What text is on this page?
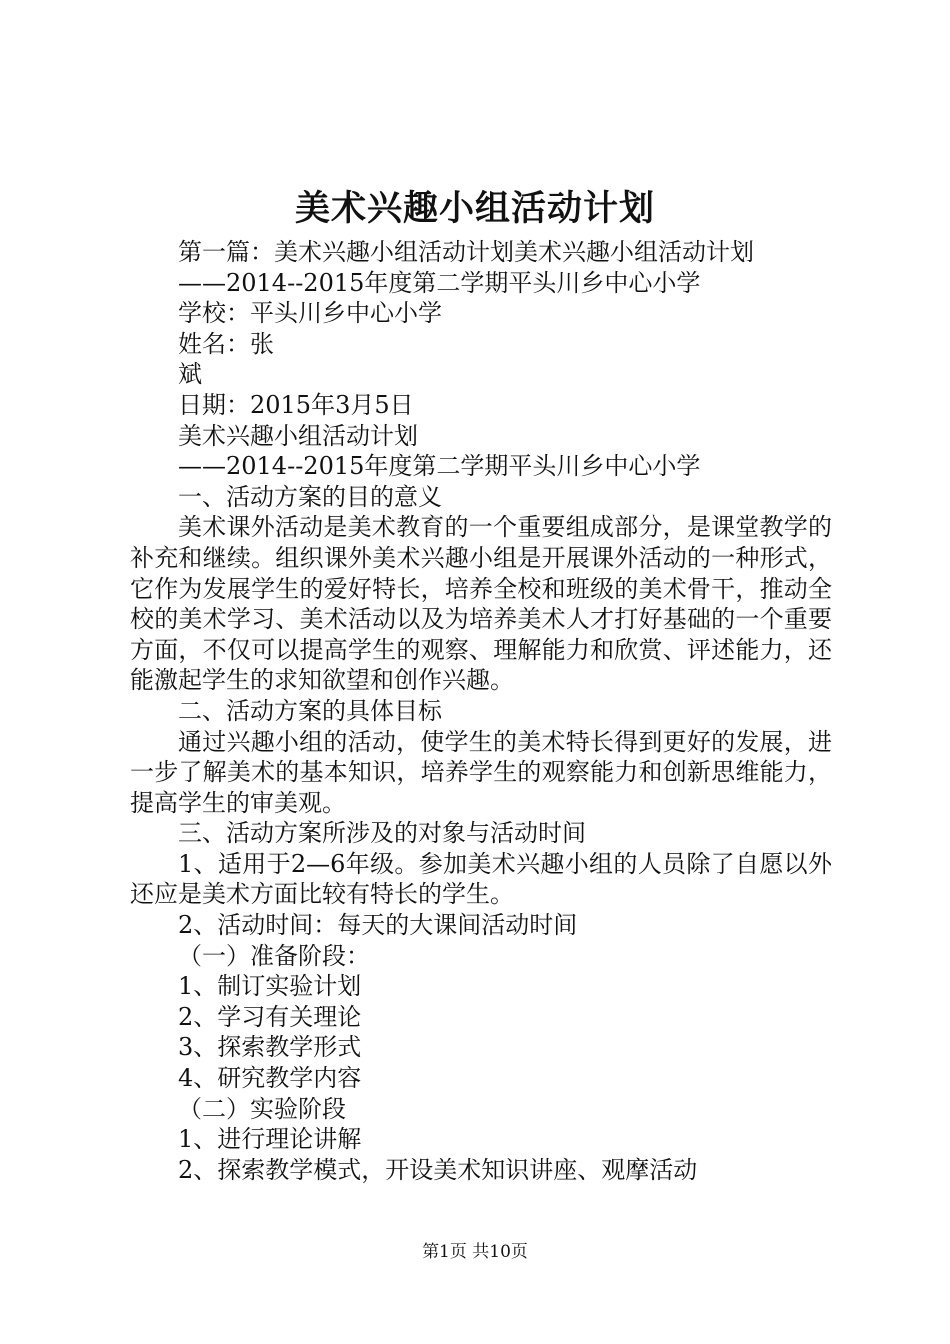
美术兴趣小组活动计划
第一篇：美术兴趣小组活动计划美术兴趣小组活动计划
——2014--2015年度第二学期平头川乡中心小学
学校：平头川乡中心小学
姓名：张
斌
日期：2015年3月5日
美术兴趣小组活动计划
——2014--2015年度第二学期平头川乡中心小学
一、活动方案的目的意义
美术课外活动是美术教育的一个重要组成部分，是课堂教学的补充和继续。组织课外美术兴趣小组是开展课外活动的一种形式，它作为发展学生的爱好特长，培养全校和班级的美术骨干，推动全校的美术学习、美术活动以及为培养美术人才打好基础的一个重要方面，不仅可以提高学生的观察、理解能力和欣赏、评述能力，还能激起学生的求知欲望和创作兴趣。
二、活动方案的具体目标
通过兴趣小组的活动，使学生的美术特长得到更好的发展，进一步了解美术的基本知识，培养学生的观察能力和创新思维能力，提高学生的审美观。
三、活动方案所涉及的对象与活动时间
1、适用于2—6年级。参加美术兴趣小组的人员除了自愿以外还应是美术方面比较有特长的学生。
2、活动时间：每天的大课间活动时间
（一）准备阶段：
1、制订实验计划
2、学习有关理论
3、探索教学形式
4、研究教学内容
（二）实验阶段
1、进行理论讲解
2、探索教学模式，开设美术知识讲座、观摩活动
第1页 共10页
